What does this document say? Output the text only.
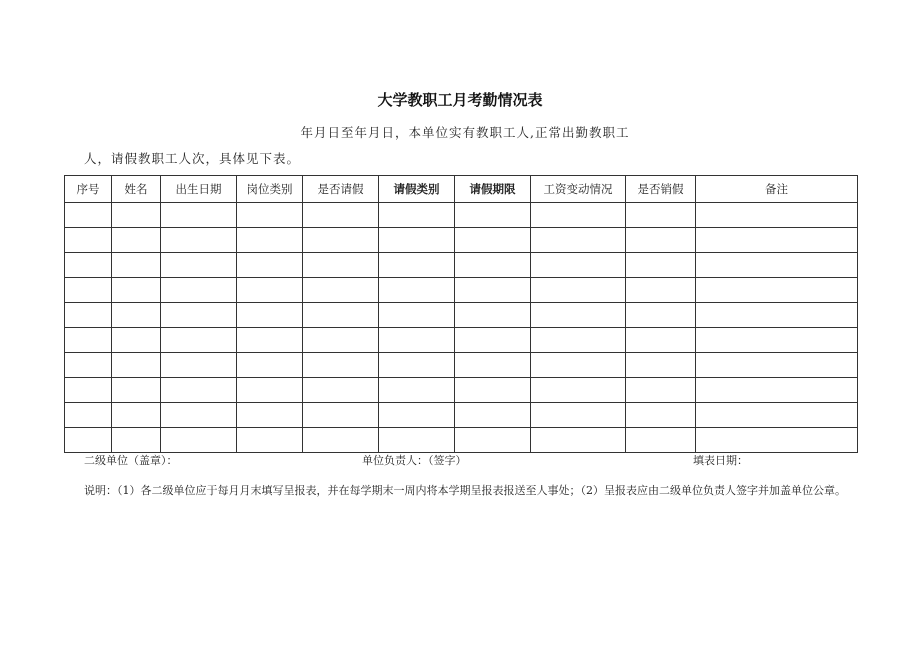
大学教职工月考勤情况表
年月日至年月日，本单位实有教职工人,正常出勤教职工
人，请假教职工人次，具体见下表。
序号	姓名	出生日期	岗位类别	是否请假	请假类别	请假期限	工资变动情况	是否销假	备注

二级单位（盖章）：	单位负责人：（签字）	填表日期：
说明：（1）各二级单位应于每月月末填写呈报表，并在每学期末一周内将本学期呈报表报送至人事处；（2）呈报表应由二级单位负责人签字并加盖单位公章。
